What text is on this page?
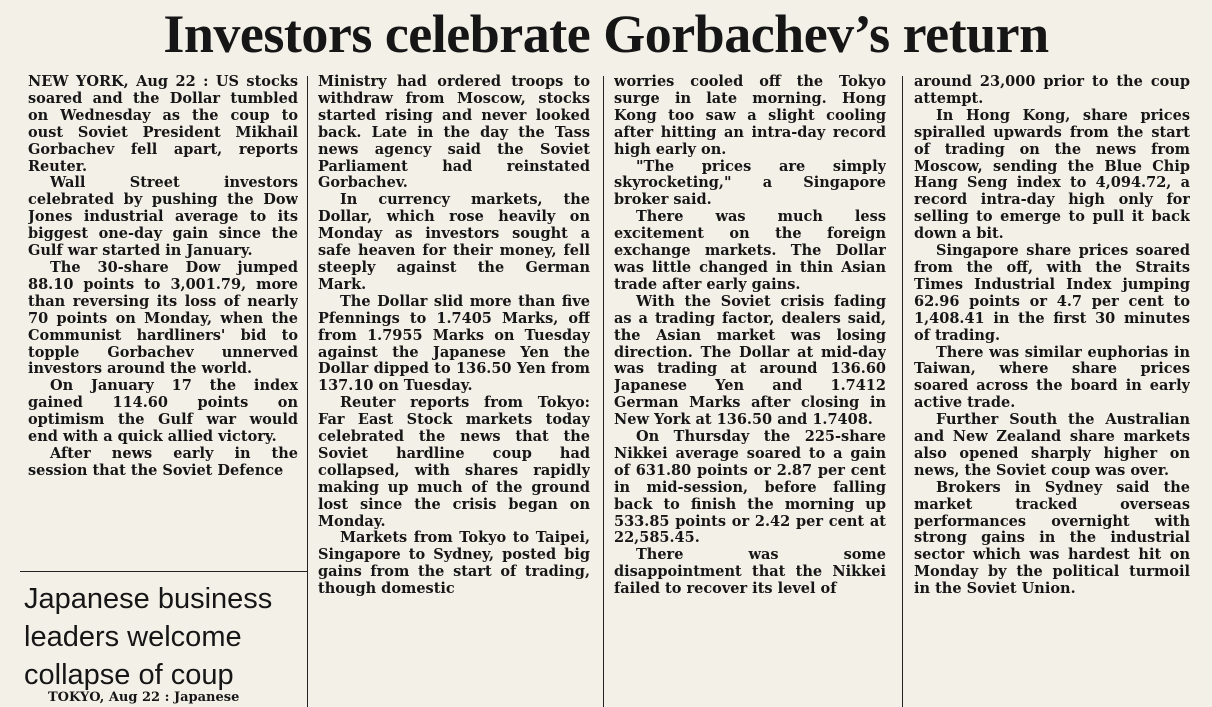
Investors celebrate Gorbachev’s return

NEW YORK, Aug 22 : US stocks soared and the Dollar tumbled on Wednesday as the coup to oust Soviet President Mikhail Gorbachev fell apart, reports Reuter.

Wall Street investors celebrated by pushing the Dow Jones industrial average to its biggest one-day gain since the Gulf war started in January.

The 30-share Dow jumped 88.10 points to 3,001.79, more than reversing its loss of nearly 70 points on Monday, when the Communist hardliners' bid to topple Gorbachev unnerved investors around the world.

On January 17 the index gained 114.60 points on optimism the Gulf war would end with a quick allied victory.

After news early in the session that the Soviet Defence

Ministry had ordered troops to withdraw from Moscow, stocks started rising and never looked back. Late in the day the Tass news agency said the Soviet Parliament had reinstated Gorbachev.

In currency markets, the Dollar, which rose heavily on Monday as investors sought a safe heaven for their money, fell steeply against the German Mark.

The Dollar slid more than five Pfennings to 1.7405 Marks, off from 1.7955 Marks on Tuesday against the Japanese Yen the Dollar dipped to 136.50 Yen from 137.10 on Tuesday.

Reuter reports from Tokyo: Far East Stock markets today celebrated the news that the Soviet hardline coup had collapsed, with shares rapidly making up much of the ground lost since the crisis began on Monday.

Markets from Tokyo to Taipei, Singapore to Sydney, posted big gains from the start of trading, though domestic

worries cooled off the Tokyo surge in late morning. Hong Kong too saw a slight cooling after hitting an intra-day record high early on.

"The prices are simply skyrocketing," a Singapore broker said.

There was much less excitement on the foreign exchange markets. The Dollar was little changed in thin Asian trade after early gains.

With the Soviet crisis fading as a trading factor, dealers said, the Asian market was losing direction. The Dollar at mid-day was trading at around 136.60 Japanese Yen and 1.7412 German Marks after closing in New York at 136.50 and 1.7408.

On Thursday the 225-share Nikkei average soared to a gain of 631.80 points or 2.87 per cent in mid-session, before falling back to finish the morning up 533.85 points or 2.42 per cent at 22,585.45.

There was some disappointment that the Nikkei failed to recover its level of

around 23,000 prior to the coup attempt.

In Hong Kong, share prices spiralled upwards from the start of trading on the news from Moscow, sending the Blue Chip Hang Seng index to 4,094.72, a record intra-day high only for selling to emerge to pull it back down a bit.

Singapore share prices soared from the off, with the Straits Times Industrial Index jumping 62.96 points or 4.7 per cent to 1,408.41 in the first 30 minutes of trading.

There was similar euphorias in Taiwan, where share prices soared across the board in early active trade.

Further South the Australian and New Zealand share markets also opened sharply higher on news, the Soviet coup was over.

Brokers in Sydney said the market tracked overseas performances overnight with strong gains in the industrial sector which was hardest hit on Monday by the political turmoil in the Soviet Union.

Japanese business leaders welcome collapse of coup

TOKYO, Aug 22 : Japanese
